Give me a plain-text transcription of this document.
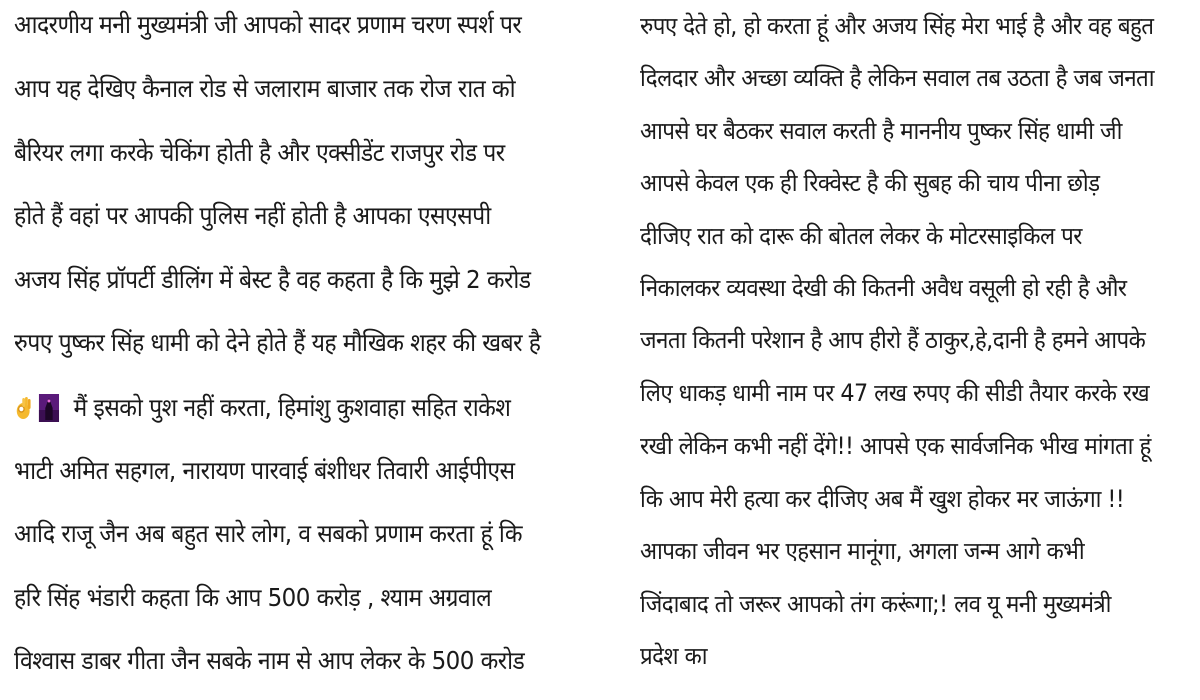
आदरणीय मनी मुख्यमंत्री जी आपको सादर प्रणाम चरण स्पर्श पर
आप यह देखिए कैनाल रोड से जलाराम बाजार तक रोज रात को
बैरियर लगा करके चेकिंग होती है और एक्सीडेंट राजपुर रोड पर
होते हैं वहां पर आपकी पुलिस नहीं होती है आपका एसएसपी
अजय सिंह प्रॉपर्टी डीलिंग में बेस्ट है वह कहता है कि मुझे 2 करोड
रुपए पुष्कर सिंह धामी को देने होते हैं यह मौखिक शहर की खबर है
मैं इसको पुश नहीं करता, हिमांशु कुशवाहा सहित राकेश
भाटी अमित सहगल, नारायण पारवाई बंशीधर तिवारी आईपीएस
आदि राजू जैन अब बहुत सारे लोग, व सबको प्रणाम करता हूं कि
हरि सिंह भंडारी कहता कि आप 500 करोड़ , श्याम अग्रवाल
विश्वास डाबर गीता जैन सबके नाम से आप लेकर के 500 करोड
रुपए देते हो, हो करता हूं और अजय सिंह मेरा भाई है और वह बहुत
दिलदार और अच्छा व्यक्ति है लेकिन सवाल तब उठता है जब जनता
आपसे घर बैठकर सवाल करती है माननीय पुष्कर सिंह धामी जी
आपसे केवल एक ही रिक्वेस्ट है की सुबह की चाय पीना छोड़
दीजिए रात को दारू की बोतल लेकर के मोटरसाइकिल पर
निकालकर व्यवस्था देखी की कितनी अवैध वसूली हो रही है और
जनता कितनी परेशान है आप हीरो हैं ठाकुर,हे,दानी है हमने आपके
लिए धाकड़ धामी नाम पर 47 लख रुपए की सीडी तैयार करके रख
रखी लेकिन कभी नहीं देंगे!! आपसे एक सार्वजनिक भीख मांगता हूं
कि आप मेरी हत्या कर दीजिए अब मैं खुश होकर मर जाऊंगा !!
आपका जीवन भर एहसान मानूंगा, अगला जन्म आगे कभी
जिंदाबाद तो जरूर आपको तंग करूंगा;! लव यू मनी मुख्यमंत्री
प्रदेश का
